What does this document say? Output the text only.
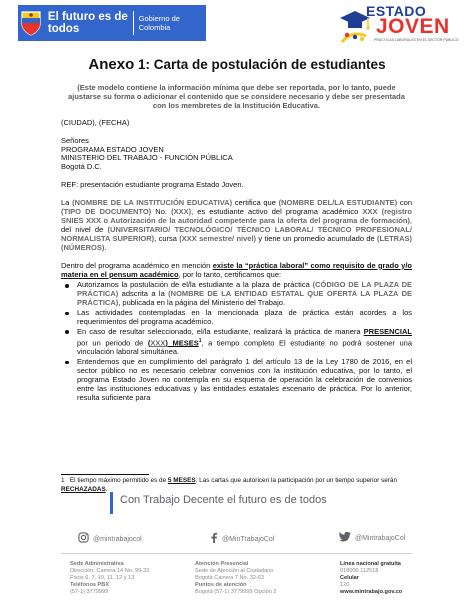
El futuro es de todos
Gobierno de Colombia
ESTADO
JOVEN
PRÁCTICAS LABORALES EN EL SECTOR PÚBLICO
Anexo 1: Carta de postulación de estudiantes
(Este modelo contiene la información mínima que debe ser reportada, por lo tanto, puede ajustarse su forma o adicionar el contenido que se considere necesario y debe ser presentada con los membretes de la Institución Educativa.
(CIUDAD), (FECHA)
Señores
PROGRAMA ESTADO JOVEN
MINISTERIO DEL TRABAJO - FUNCIÓN PÚBLICA
Bogotá D.C.
REF: presentación estudiante programa Estado Joven.
La (NOMBRE DE LA INSTITUCIÓN EDUCATIVA) certifica que (NOMBRE DEL/LA ESTUDIANTE) con (TIPO DE DOCUMENTO) No. (XXX), es estudiante activo del programa académico XXX (registro SNIES XXX o Autorización de la autoridad competente para la oferta del programa de formación), del nivel de (UNIVERSITARIO/ TECNOLÓGICO/ TÉCNICO LABORAL/ TÉCNICO PROFESIONAL/ NORMALISTA SUPERIOR), cursa (XXX semestre/ nivel) y tiene un promedio acumulado de (LETRAS) (NÚMEROS).
Dentro del programa académico en mención existe la “práctica laboral” como requisito de grado y/o materia en el pensum académico, por lo tanto, certificamos que:
Autorizamos la postulación de el/la estudiante a la plaza de práctica (CÓDIGO DE LA PLAZA DE PRÁCTICA) adscrita a la (NOMBRE DE LA ENTIDAD ESTATAL QUE OFERTA LA PLAZA DE PRÁCTICA), publicada en la página del Ministerio del Trabajo.
Las actividades contempladas en la mencionada plaza de práctica están acordes a los requerimientos del programa académico.
En caso de resultar seleccionado, el/la estudiante, realizará la práctica de manera PRESENCIAL por un periodo de (XXX) MESES$^1$, a tiempo completo El estudiante no podrá sostener una vinculación laboral simultánea.
Entendemos que en cumplimiento del parágrafo 1 del artículo 13 de la Ley 1780 de 2016, en el sector público no es necesario celebrar convenios con la institución educativa, por lo tanto, el programa Estado Joven no contempla en su esquema de operación la celebración de convenios entre las instituciones educativas y las entidades estatales escenario de práctica. Por lo anterior, resulta suficiente para
1 El tiempo máximo permitido es de 5 MESES. Las cartas que autoricen la participación por un tiempo superior serán RECHAZADAS.
Con Trabajo Decente el futuro es de todos
@mintrabajocol	@MinTrabajoCol	@MintrabajoCol
Sede Administrativa
Dirección: Carrera 14 No. 99-33
Pisos 6, 7, 10, 11, 12 y 13
Teléfonos PBX
(57-1) 3779999
Atención Presencial
Sede de Atención al Ciudadano
Bogotá Carrera 7 No. 32-63
Puntos de atención
Bogotá (57-1) 3779999 Opción 2
Línea nacional gratuita
018000 112518
Celular
120
www.mintrabajo.gov.co
